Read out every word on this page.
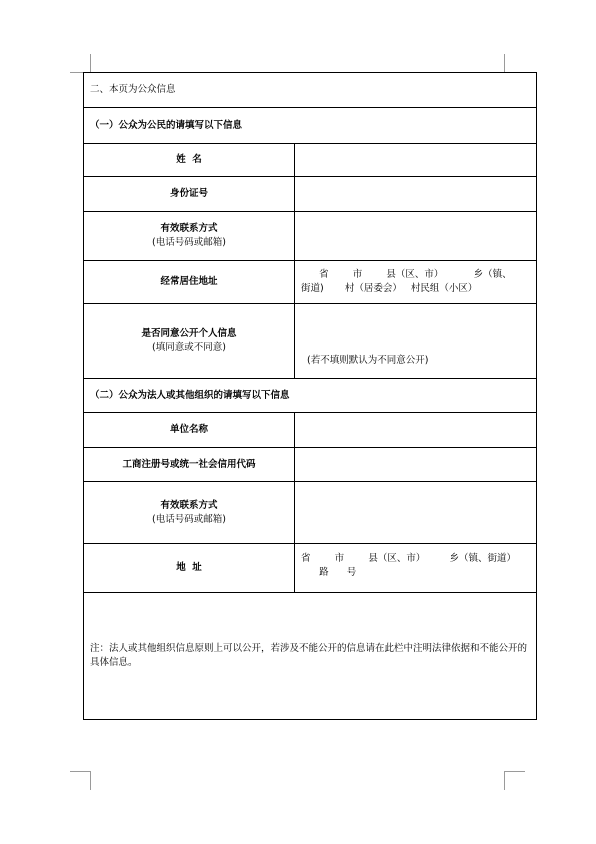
二、本页为公众信息	
（一）公众为公民的请填写以下信息	
姓  名	
身份证号	
有效联系方式
(电话号码或邮箱)	

经常居住地址	省        市        县（区、市）          乡（镇、
街道)       村（居委会）   村民组（小区）
是否同意公开个人信息
(填同意或不同意)	(若不填则默认为不同意公开)
（二）公众为法人或其他组织的请填写以下信息	
单位名称	
工商注册号或统一社会信用代码	
有效联系方式
(电话号码或邮箱)	

地  址	省        市        县（区、市）        乡（镇、街道）
路      号
注：法人或其他组织信息原则上可以公开，若涉及不能公开的信息请在此栏中注明法律依据和不能公开的具体信息。	
